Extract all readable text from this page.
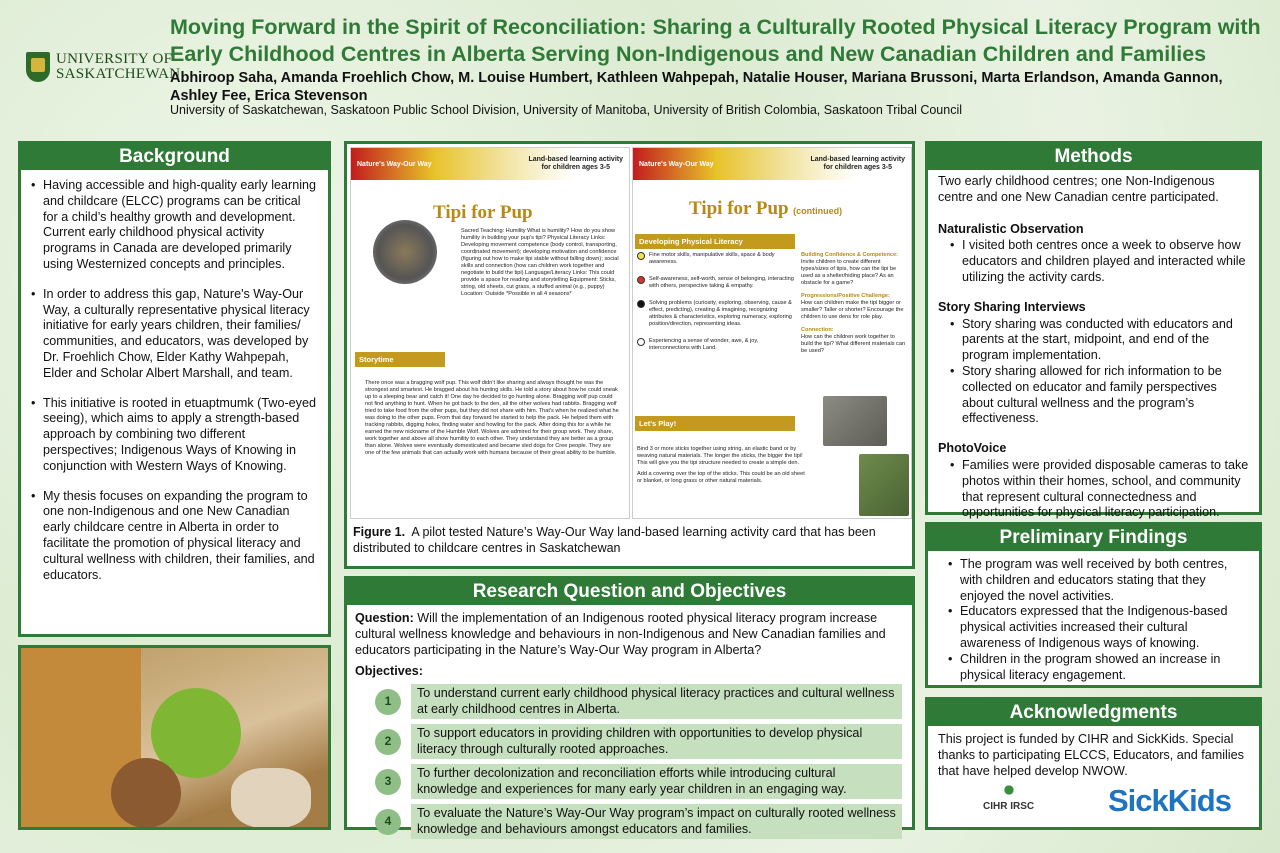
UNIVERSITY OF
SASKATCHEWAN
Moving Forward in the Spirit of Reconciliation: Sharing a Culturally Rooted Physical Literacy Program with Early Childhood Centres in Alberta Serving Non-Indigenous and New Canadian Children and Families
Abhiroop Saha, Amanda Froehlich Chow, M. Louise Humbert, Kathleen Wahpepah, Natalie Houser, Mariana Brussoni, Marta Erlandson, Amanda Gannon, Ashley Fee, Erica Stevenson
University of Saskatchewan, Saskatoon Public School Division, University of Manitoba, University of British Colombia, Saskatoon Tribal Council
Background
• Having accessible and high-quality early learning and childcare (ELCC) programs can be critical for a child’s healthy growth and development. Current early childhood physical activity programs in Canada are developed primarily using Westernized concepts and principles.
• In order to address this gap, Nature's Way-Our Way, a culturally representative physical literacy initiative for early years children, their families/ communities, and educators, was developed by Dr. Froehlich Chow, Elder Kathy Wahpepah, Elder and Scholar Albert Marshall, and team.
• This initiative is rooted in etuaptmumk (Two-eyed seeing), which aims to apply a strength-based approach by combining two different perspectives; Indigenous Ways of Knowing in conjunction with Western Ways of Knowing.
• My thesis focuses on expanding the program to one non-Indigenous and one New Canadian early childcare centre in Alberta in order to facilitate the promotion of physical literacy and cultural wellness with children, their families, and educators.
Nature's Way-Our Way
Land-based learning activity
for children ages 3-5
Tipi for Pup
Sacred Teaching: Humility What is humility? How do you show humility in building your pup's tipi? Physical Literacy Links: Developing movement competence (body control, transporting, coordinated movement); developing motivation and confidence (figuring out how to make tipi stable without falling down); social skills and connection (how can children work together and negotiate to build the tipi) Language/Literacy Links: This could provide a space for reading and storytelling Equipment: Sticks, string, old sheets, cut grass, a stuffed animal (e.g., puppy) Location: Outside *Possible in all 4 seasons*
Storytime
There once was a bragging wolf pup. This wolf didn't like sharing and always thought he was the strongest and smartest. He bragged about his hunting skills. He told a story about how he could sneak up to a sleeping bear and catch it! One day he decided to go hunting alone. Bragging wolf pup could not find anything to hunt. When he got back to the den, all the other wolves had rabbits. Bragging wolf tried to take food from the other pups, but they did not share with him. That's when he realized what he was doing to the other pups. From that day forward he started to help the pack. He helped them with tracking rabbits, digging holes, finding water and howling for the pack. After doing this for a while he earned the new nickname of the Humble Wolf. Wolves are admired for their group work. They share, work together and above all show humility to each other. They understand they are better as a group than alone. Wolves were eventually domesticated and became sled dogs for Cree people. They are one of the few animals that can actually work with humans because of their great ability to be humble.
Nature's Way-Our Way
Land-based learning activity
for children ages 3-5
Tipi for Pup (continued)
Developing Physical Literacy
Fine motor skills, manipulative skills, space & body awareness.
Self-awareness, self-worth, sense of belonging, interacting with others, perspective taking & empathy.
Solving problems (curiosity, exploring, observing, cause & effect, predicting), creating & imagining, recognizing attributes & characteristics, exploring numeracy, exploring position/direction, representing ideas.
Experiencing a sense of wonder, awe, & joy, interconnections with Land.
Building Confidence & Competence:
Invite children to create different types/sizes of tipis, how can the tipi be used as a shelter/hiding place? As an obstacle for a game?
Progressions/Positive Challenge:
How can children make the tipi bigger or smaller? Taller or shorter? Encourage the children to use dens for role play.
Connection:
How can the children work together to build the tipi? What different materials can be used?
Let's Play!
Bind 3 or more sticks together using string, an elastic band or by weaving natural materials. The longer the sticks, the bigger the tipi! This will give you the tipi structure needed to create a simple den.
Add a covering over the top of the sticks. This could be an old sheet or blanket, or long grass or other natural materials.
Figure 1. A pilot tested Nature’s Way-Our Way land-based learning activity card that has been distributed to childcare centres in Saskatchewan
Research Question and Objectives
Question: Will the implementation of an Indigenous rooted physical literacy program increase cultural wellness knowledge and behaviours in non-Indigenous and New Canadian families and educators participating in the Nature’s Way-Our Way program in Alberta?
Objectives:
1
To understand current early childhood physical literacy practices and cultural wellness at early childhood centres in Alberta.
2
To support educators in providing children with opportunities to develop physical literacy through culturally rooted approaches.
3
To further decolonization and reconciliation efforts while introducing cultural knowledge and experiences for many early year children in an engaging way.
4
To evaluate the Nature’s Way-Our Way program’s impact on culturally rooted wellness knowledge and behaviours amongst educators and families.
Methods
Two early childhood centres; one Non-Indigenous centre and one New Canadian centre participated.
Naturalistic Observation
• I visited both centres once a week to observe how educators and children played and interacted while utilizing the activity cards.
Story Sharing Interviews
• Story sharing was conducted with educators and parents at the start, midpoint, and end of the program implementation.
• Story sharing allowed for rich information to be collected on educator and family perspectives about cultural wellness and the program’s effectiveness.
PhotoVoice
• Families were provided disposable cameras to take photos within their homes, school, and community that represent cultural connectedness and opportunities for physical literacy participation.
Preliminary Findings
• The program was well received by both centres, with children and educators stating that they enjoyed the novel activities.
• Educators expressed that the Indigenous-based physical activities increased their cultural awareness of Indigenous ways of knowing.
• Children in the program showed an increase in physical literacy engagement.
Acknowledgments
This project is funded by CIHR and SickKids. Special thanks to participating ELCCS, Educators, and families that have helped develop NWOW.
CIHR IRSC SickKids
